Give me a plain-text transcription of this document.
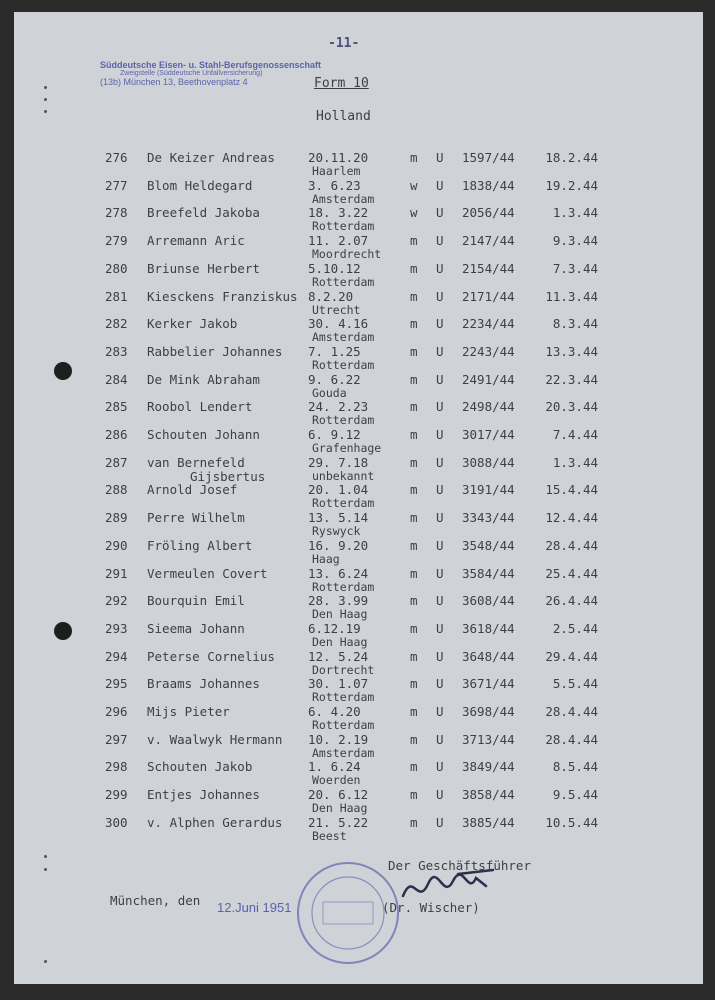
-11-
Süddeutsche Eisen- u. Stahl-Berufsgenossenschaft
Zweigstelle (Süddeutsche Unfallversicherung)
(13b) München 13, Beethovenplatz 4	Form 10
Holland
276 De Keizer Andreas	20.11.20	m U 1597/44	18.2.44
Haarlem
277 Blom Heldegard	3. 6.23	w U 1838/44	19.2.44
Amsterdam
278 Breefeld Jakoba	18. 3.22	w U 2056/44	1.3.44
Rotterdam
279 Arremann Aric	11. 2.07	m U 2147/44	9.3.44
Moordrecht
280 Briunse Herbert	5.10.12	m U 2154/44	7.3.44
Rotterdam
281 Kiesckens Franziskus 8.2.20	m U 2171/44	11.3.44
Utrecht
282 Kerker Jakob	30. 4.16	m U 2234/44	8.3.44
Amsterdam
283 Rabbelier Johannes 7. 1.25	m U 2243/44	13.3.44
Rotterdam
284 De Mink Abraham	9. 6.22	m U 2491/44	22.3.44
Gouda
285 Roobol Lendert	24. 2.23	m U 2498/44	20.3.44
Rotterdam
286 Schouten Johann	6. 9.12	m U 3017/44	7.4.44
Grafenhage
287 van Bernefeld	29. 7.18	m U 3088/44	1.3.44
unbekannt
Gijsbertus
288 Arnold Josef	20. 1.04	m U 3191/44	15.4.44
Rotterdam
289 Perre Wilhelm	13. 5.14	m U 3343/44	12.4.44
Ryswyck
290 Fröling Albert	16. 9.20	m U 3548/44	28.4.44
Haag
291 Vermeulen Covert	13. 6.24	m U 3584/44	25.4.44
Rotterdam
292 Bourquin Emil	28. 3.99	m U 3608/44	26.4.44
Den Haag
293 Sieema Johann	6.12.19	m U 3618/44	2.5.44
Den Haag
294 Peterse Cornelius	12. 5.24	m U 3648/44	29.4.44
Dortrecht
295 Braams Johannes	30. 1.07	m U 3671/44	5.5.44
Rotterdam
296 Mijs Pieter	6. 4.20	m U 3698/44	28.4.44
Rotterdam
297 v. Waalwyk Hermann 10. 2.19	m U 3713/44	28.4.44
Amsterdam
298 Schouten Jakob	1. 6.24	m U 3849/44	8.5.44
Woerden
299 Entjes Johannes	20. 6.12	m U 3858/44	9.5.44
Den Haag
300 v. Alphen Gerardus 21. 5.22	m U 3885/44	10.5.44
Beest
Der Geschäftsführer
München, den 12.Juni 1951	(Dr. Wischer)
